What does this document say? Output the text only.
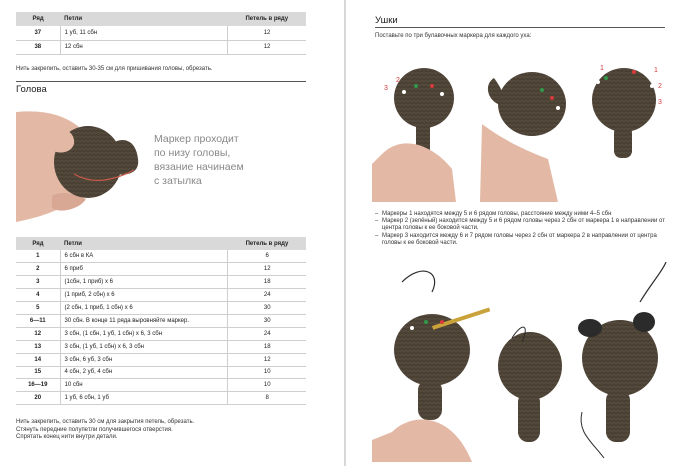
Ряд	Петли	Петель в ряду
37	1 уб, 11 сбн	12
38	12 сбн	12
Нить закрепить, оставить 30-35 см для пришивания головы, обрезать.
Голова
Маркер проходит
по низу головы,
вязание начинаем
с затылка
Ряд	Петли	Петель в ряду
1	6 сбн в КА	6
2	6 приб	12
3	(1сбн, 1 приб) х 6	18
4	(1 приб, 2 сбн) х 6	24
5	(2 сбн, 1 приб, 1 сбн) х 6	30
6—11	30 сбн. В конце 11 ряда выровняйте маркер.	30
12	3 сбн, (1 сбн, 1 уб, 1 сбн) х 6, 3 сбн	24
13	3 сбн, (1 уб, 1 сбн) х 6, 3 сбн	18
14	3 сбн, 6 уб, 3 сбн	12
15	4 сбн, 2 уб, 4 сбн	10
16—19	10 сбн	10
20	1 уб, 6 сбн, 1 уб	8
Нить закрепить, оставить 30 см для закрытия петель, обрезать.
Стянуть передние полупетли получившегося отверстия.
Спрятать конец нити внутри детали.
Ушки
Поставьте по три булавочных маркера для каждого уха:
3
2
1	1
2
3
– Маркеры 1 находятся между 5 и 6 рядом головы, расстояние между ними 4–5 сбн
– Маркер 2 (зелёный) находится между 5 и 6 рядом головы через 2 сбн от маркера 1 в направлении от центра головы к ее боковой части.
– Маркер 3 находится между 6 и 7 рядом головы через 2 сбн от маркера 2 в направлении от центра головы к ее боковой части.
